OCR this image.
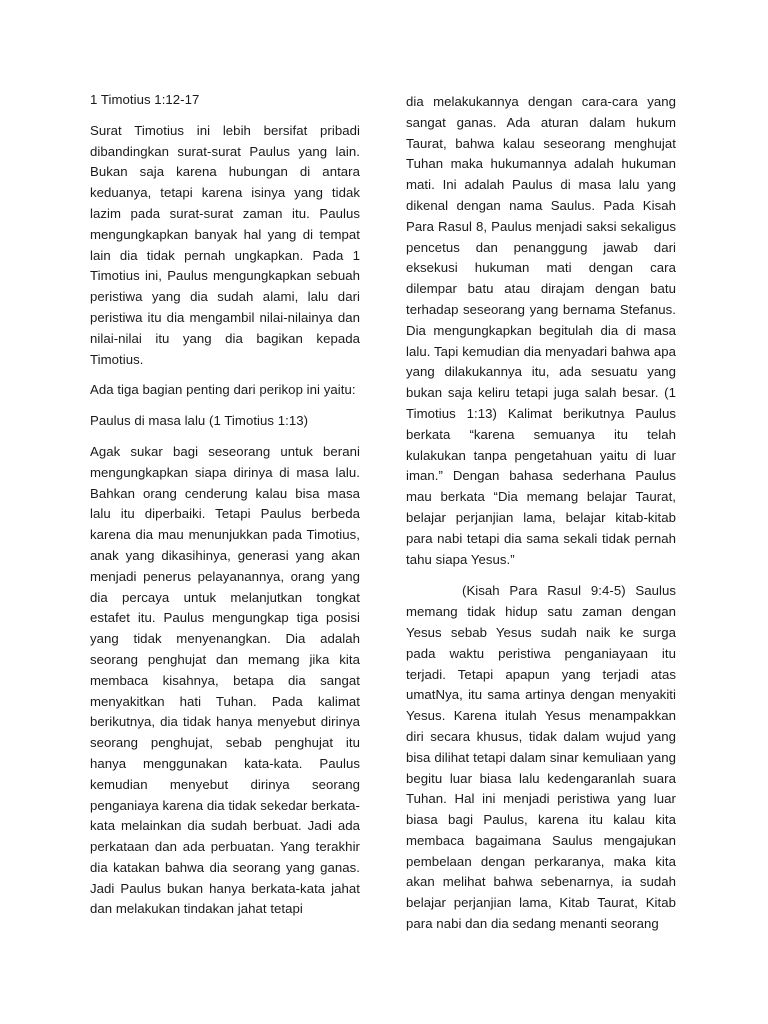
1 Timotius 1:12-17

Surat Timotius ini lebih bersifat pribadi dibandingkan surat-surat Paulus yang lain. Bukan saja karena hubungan di antara keduanya, tetapi karena isinya yang tidak lazim pada surat-surat zaman itu. Paulus mengungkapkan banyak hal yang di tempat lain dia tidak pernah ungkapkan. Pada 1 Timotius ini, Paulus mengungkapkan sebuah peristiwa yang dia sudah alami, lalu dari peristiwa itu dia mengambil nilai-nilainya dan nilai-nilai itu yang dia bagikan kepada Timotius.

Ada tiga bagian penting dari perikop ini yaitu:

Paulus di masa lalu (1 Timotius 1:13)

Agak sukar bagi seseorang untuk berani mengungkapkan siapa dirinya di masa lalu. Bahkan orang cenderung kalau bisa masa lalu itu diperbaiki. Tetapi Paulus berbeda karena dia mau menunjukkan pada Timotius, anak yang dikasihinya, generasi yang akan menjadi penerus pelayanannya, orang yang dia percaya untuk melanjutkan tongkat estafet itu. Paulus mengungkap tiga posisi yang tidak menyenangkan. Dia adalah seorang penghujat dan memang jika kita membaca kisahnya, betapa dia sangat menyakitkan hati Tuhan. Pada kalimat berikutnya, dia tidak hanya menyebut dirinya seorang penghujat, sebab penghujat itu hanya menggunakan kata-kata. Paulus kemudian menyebut dirinya seorang penganiaya karena dia tidak sekedar berkata-kata melainkan dia sudah berbuat. Jadi ada perkataan dan ada perbuatan. Yang terakhir dia katakan bahwa dia seorang yang ganas. Jadi Paulus bukan hanya berkata-kata jahat dan melakukan tindakan jahat tetapi

dia melakukannya dengan cara-cara yang sangat ganas. Ada aturan dalam hukum Taurat, bahwa kalau seseorang menghujat Tuhan maka hukumannya adalah hukuman mati. Ini adalah Paulus di masa lalu yang dikenal dengan nama Saulus. Pada Kisah Para Rasul 8, Paulus menjadi saksi sekaligus pencetus dan penanggung jawab dari eksekusi hukuman mati dengan cara dilempar batu atau dirajam dengan batu terhadap seseorang yang bernama Stefanus. Dia mengungkapkan begitulah dia di masa lalu. Tapi kemudian dia menyadari bahwa apa yang dilakukannya itu, ada sesuatu yang bukan saja keliru tetapi juga salah besar. (1 Timotius 1:13) Kalimat berikutnya Paulus berkata “karena semuanya itu telah kulakukan tanpa pengetahuan yaitu di luar iman.” Dengan bahasa sederhana Paulus mau berkata “Dia memang belajar Taurat, belajar perjanjian lama, belajar kitab-kitab para nabi tetapi dia sama sekali tidak pernah tahu siapa Yesus.”

(Kisah Para Rasul 9:4-5) Saulus memang tidak hidup satu zaman dengan Yesus sebab Yesus sudah naik ke surga pada waktu peristiwa penganiayaan itu terjadi. Tetapi apapun yang terjadi atas umatNya, itu sama artinya dengan menyakiti Yesus. Karena itulah Yesus menampakkan diri secara khusus, tidak dalam wujud yang bisa dilihat tetapi dalam sinar kemuliaan yang begitu luar biasa lalu kedengaranlah suara Tuhan. Hal ini menjadi peristiwa yang luar biasa bagi Paulus, karena itu kalau kita membaca bagaimana Saulus mengajukan pembelaan dengan perkaranya, maka kita akan melihat bahwa sebenarnya, ia sudah belajar perjanjian lama, Kitab Taurat, Kitab para nabi dan dia sedang menanti seorang
